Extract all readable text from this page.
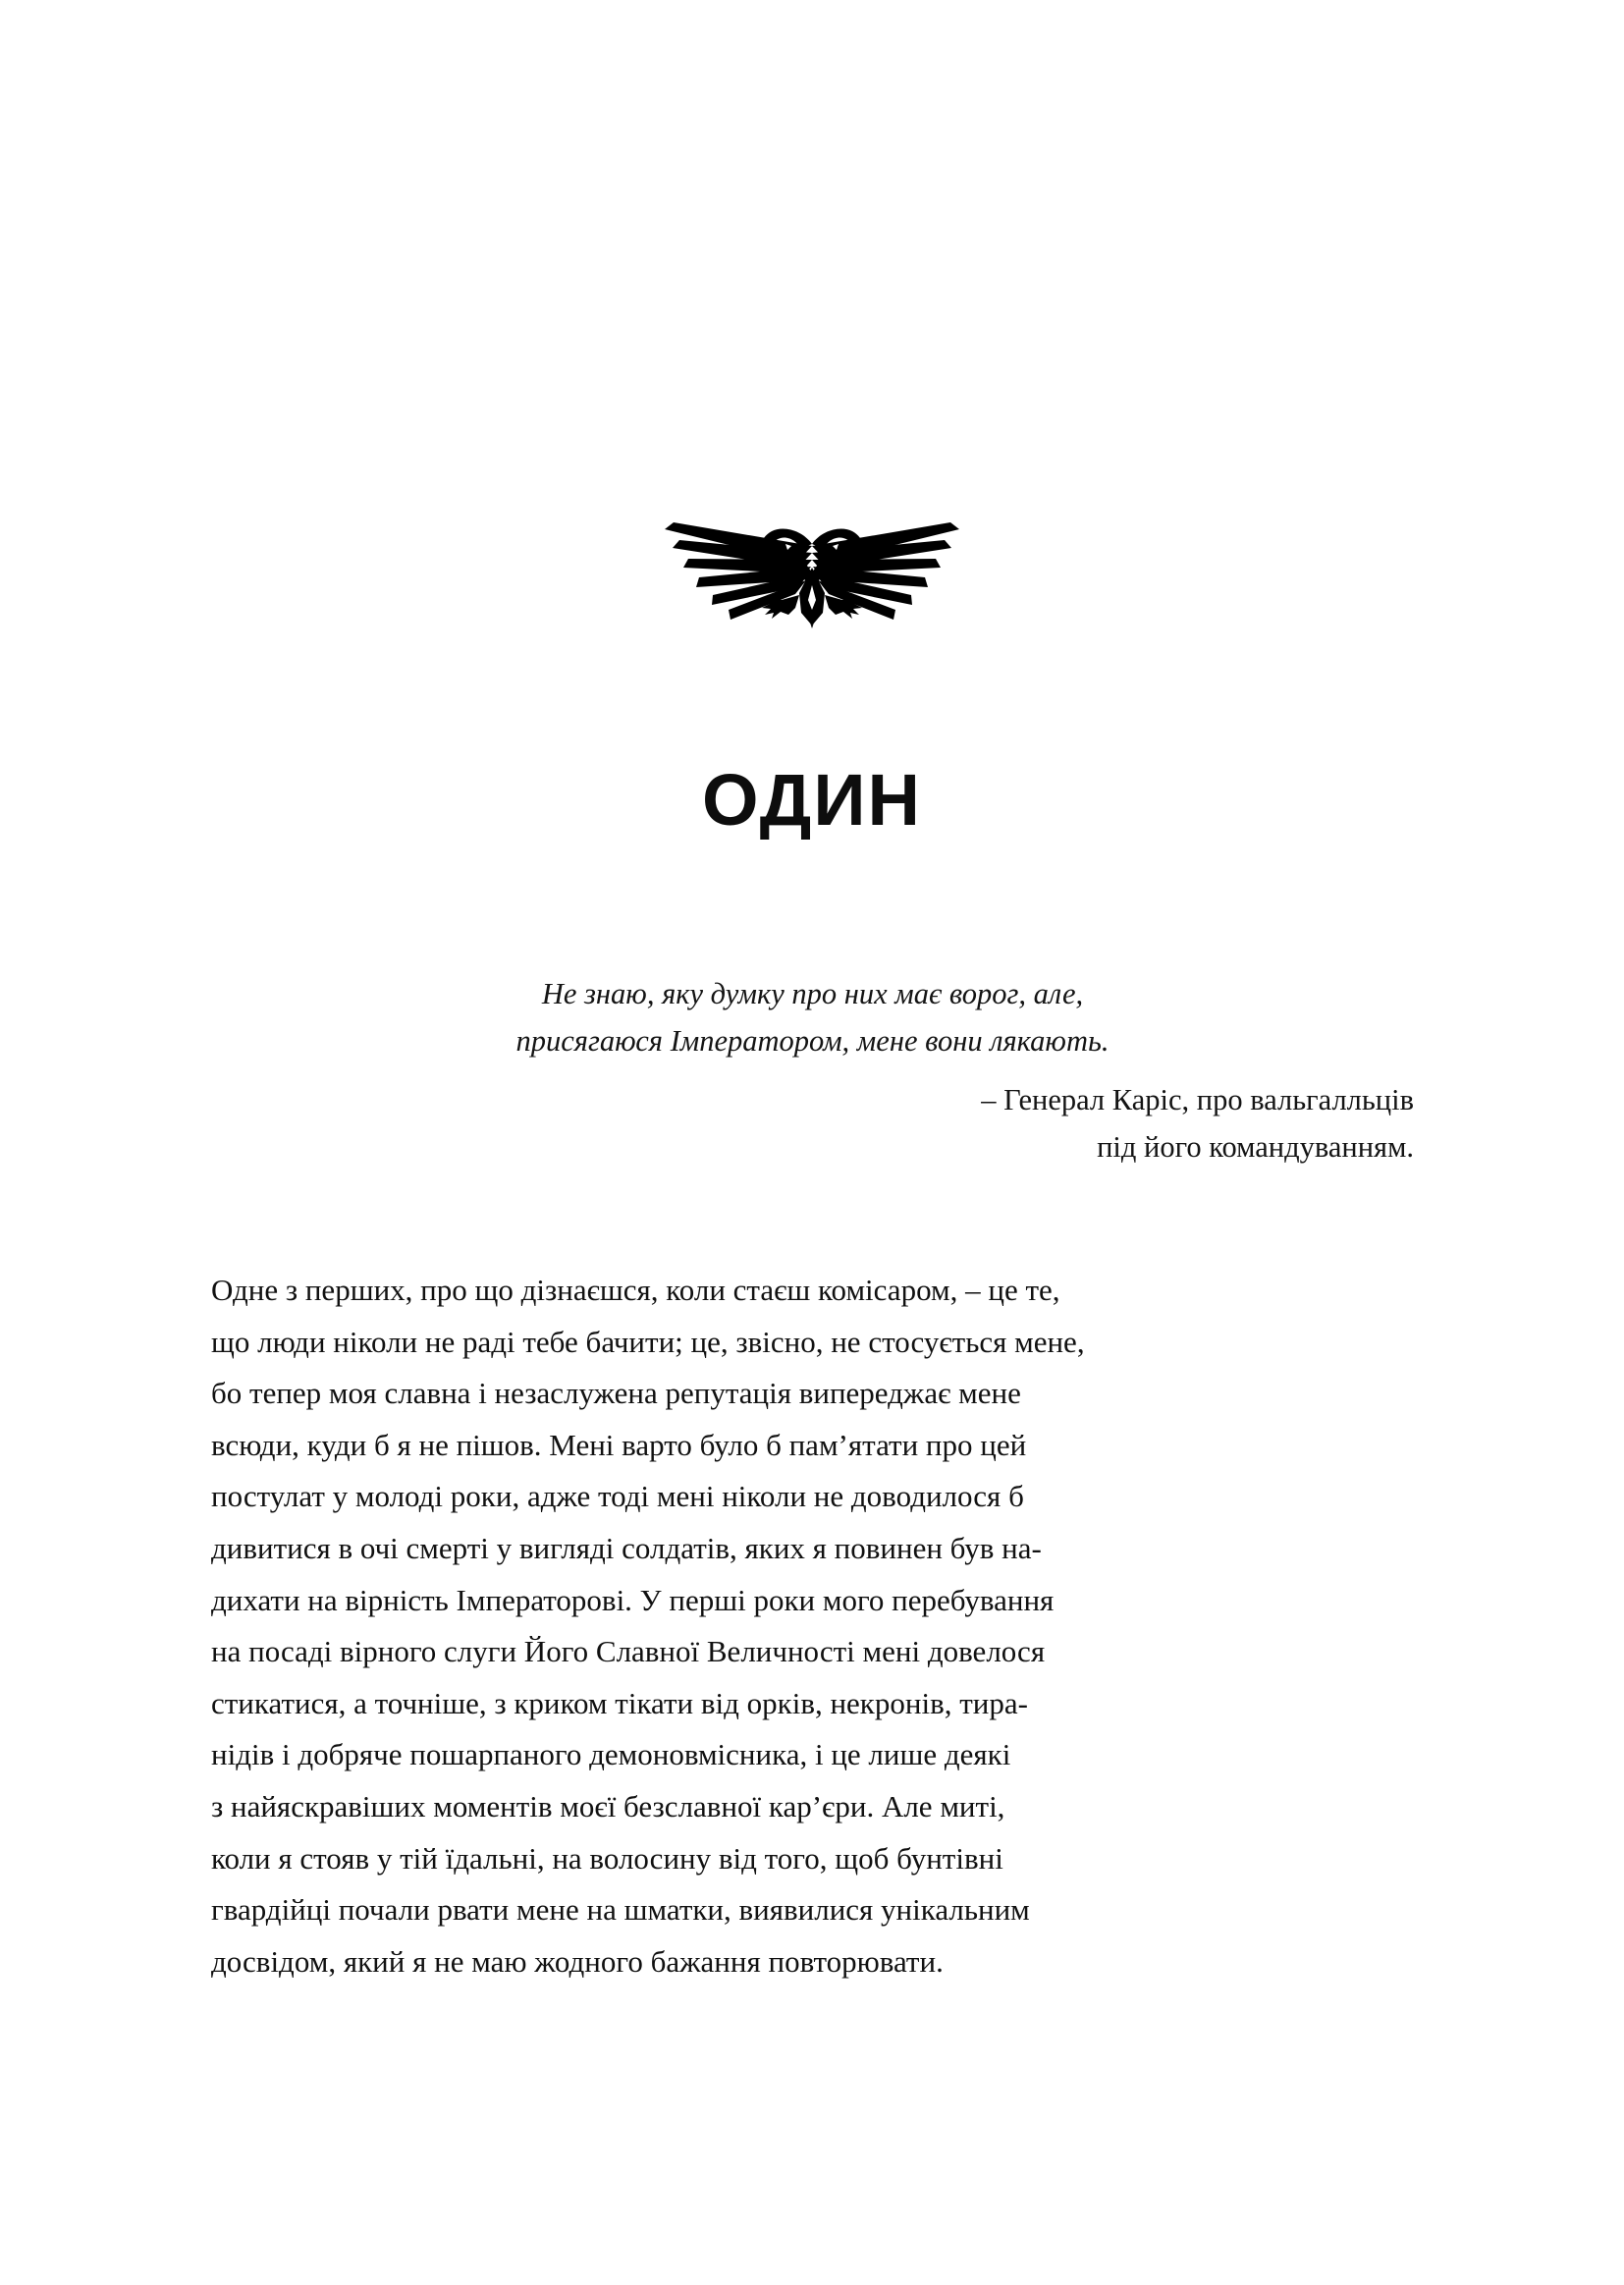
ОДИН
Не знаю, яку думку про них має ворог, але,
присягаюся Імператором, мене вони лякають.
– Генерал Каріс, про вальгалльців
під його командуванням.
Одне з перших, про що дізнаєшся, коли стаєш комісаром, – це те,
що люди ніколи не раді тебе бачити; це, звісно, не стосується мене,
бо тепер моя славна і незаслужена репутація випереджає мене
всюди, куди б я не пішов. Мені варто було б пам’ятати про цей
постулат у молоді роки, адже тоді мені ніколи не доводилося б
дивитися в очі смерті у вигляді солдатів, яких я повинен був на-
дихати на вірність Імператорові. У перші роки мого перебування
на посаді вірного слуги Його Славної Величності мені довелося
стикатися, а точніше, з криком тікати від орків, некронів, тира-
нідів і добряче пошарпаного демоновмісника, і це лише деякі
з найяскравіших моментів моєї безславної кар’єри. Але миті,
коли я стояв у тій їдальні, на волосину від того, щоб бунтівні
гвардійці почали рвати мене на шматки, виявилися унікальним
досвідом, який я не маю жодного бажання повторювати.
